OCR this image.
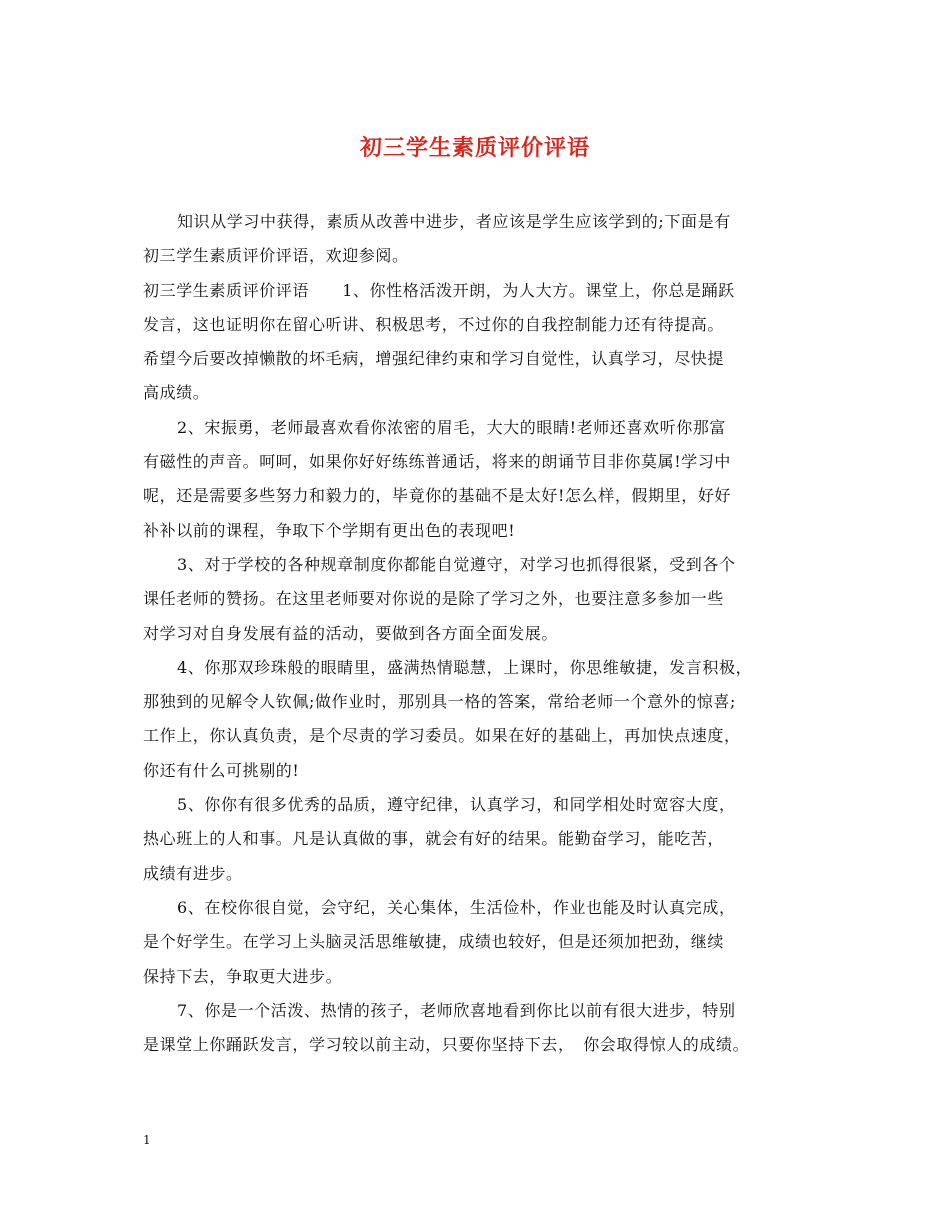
初三学生素质评价评语
知识从学习中获得，素质从改善中进步，者应该是学生应该学到的;下面是有
初三学生素质评价评语，欢迎参阅。
初三学生素质评价评语　　1、你性格活泼开朗，为人大方。课堂上，你总是踊跃
发言，这也证明你在留心听讲、积极思考，不过你的自我控制能力还有待提高。
希望今后要改掉懒散的坏毛病，增强纪律约束和学习自觉性，认真学习，尽快提
高成绩。
2、宋振勇，老师最喜欢看你浓密的眉毛，大大的眼睛!老师还喜欢听你那富
有磁性的声音。呵呵，如果你好好练练普通话，将来的朗诵节目非你莫属!学习中
呢，还是需要多些努力和毅力的，毕竟你的基础不是太好!怎么样，假期里，好好
补补以前的课程，争取下个学期有更出色的表现吧!
3、对于学校的各种规章制度你都能自觉遵守，对学习也抓得很紧，受到各个
课任老师的赞扬。在这里老师要对你说的是除了学习之外，也要注意多参加一些
对学习对自身发展有益的活动，要做到各方面全面发展。
4、你那双珍珠般的眼睛里，盛满热情聪慧，上课时，你思维敏捷，发言积极，
那独到的见解令人钦佩;做作业时，那别具一格的答案，常给老师一个意外的惊喜;
工作上，你认真负责，是个尽责的学习委员。如果在好的基础上，再加快点速度，
你还有什么可挑剔的!
5、你你有很多优秀的品质，遵守纪律，认真学习，和同学相处时宽容大度，
热心班上的人和事。凡是认真做的事，就会有好的结果。能勤奋学习，能吃苦，
成绩有进步。
6、在校你很自觉，会守纪，关心集体，生活俭朴，作业也能及时认真完成，
是个好学生。在学习上头脑灵活思维敏捷，成绩也较好，但是还须加把劲，继续
保持下去，争取更大进步。
7、你是一个活泼、热情的孩子，老师欣喜地看到你比以前有很大进步，特别
是课堂上你踊跃发言，学习较以前主动，只要你坚持下去，　你会取得惊人的成绩。
1
